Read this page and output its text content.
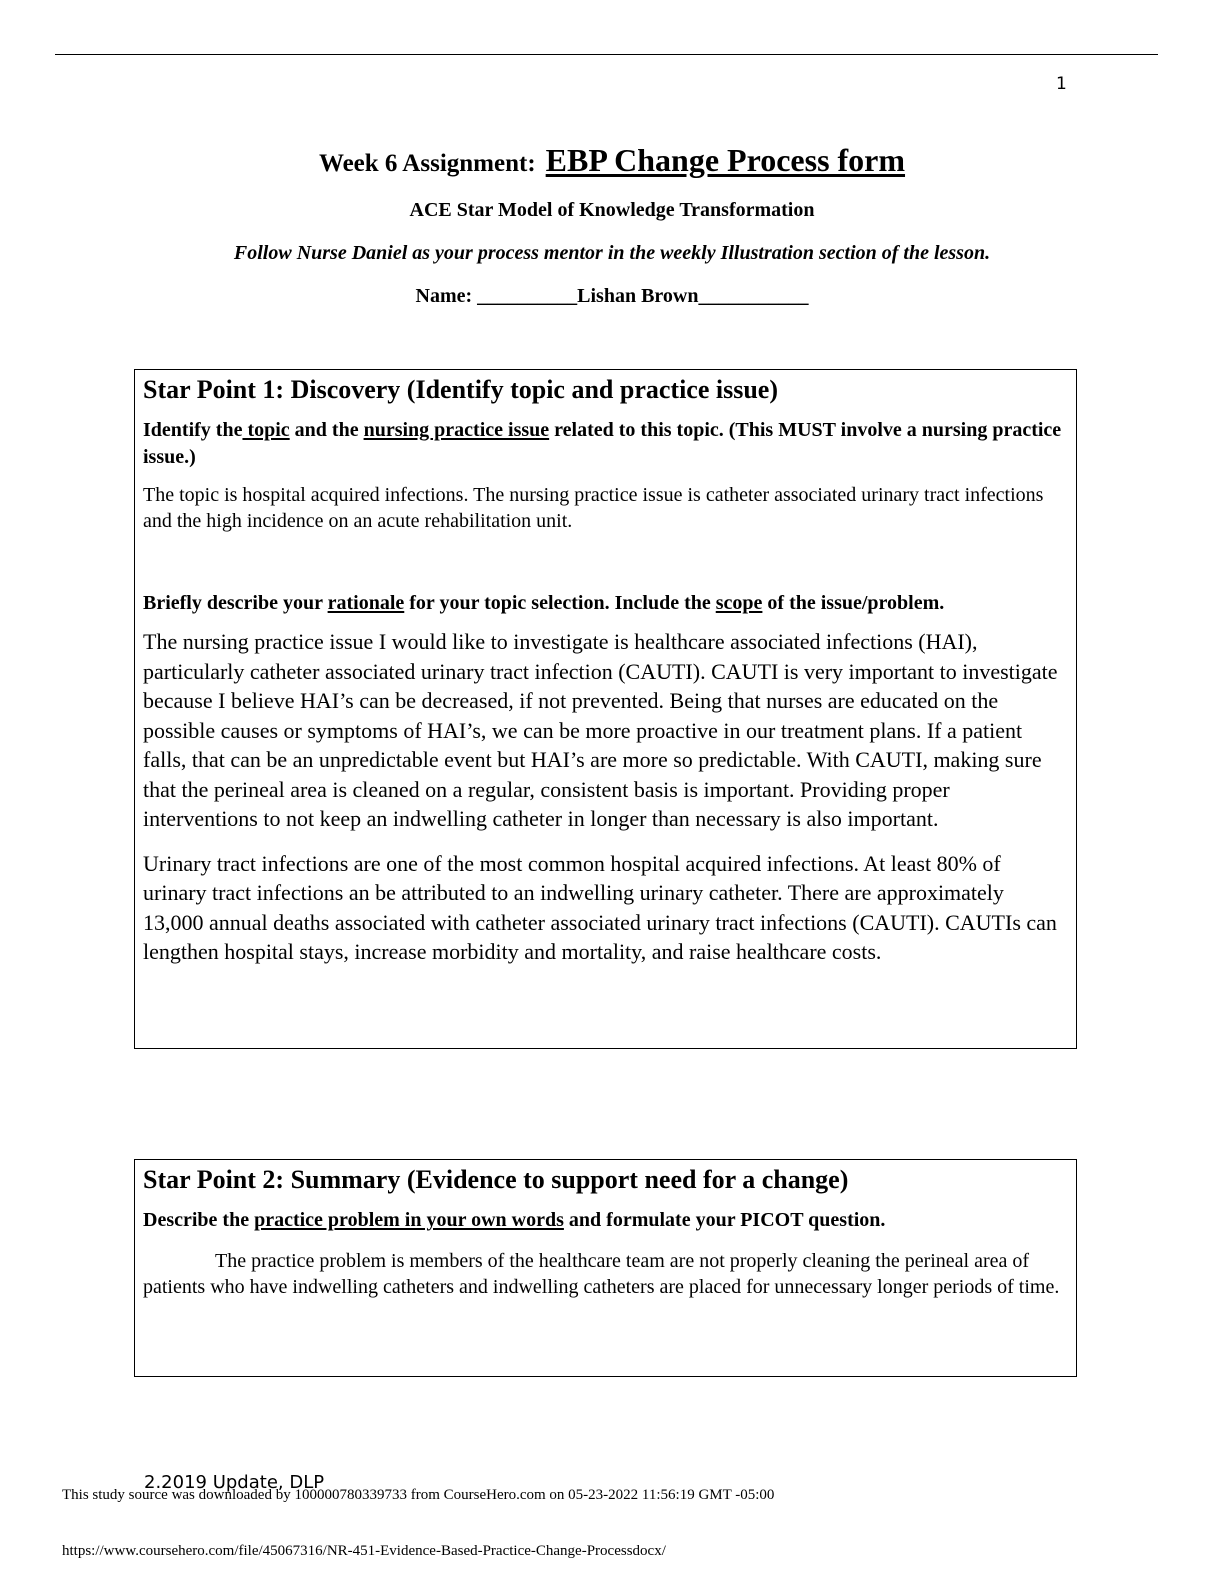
1
Week 6 Assignment: EBP Change Process form
ACE Star Model of Knowledge Transformation
Follow Nurse Daniel as your process mentor in the weekly Illustration section of the lesson.
Name: __________Lishan Brown___________
Star Point 1: Discovery (Identify topic and practice issue)
Identify the topic and the nursing practice issue related to this topic. (This MUST involve a nursing practice issue.)
The topic is hospital acquired infections. The nursing practice issue is catheter associated urinary tract infections and the high incidence on an acute rehabilitation unit.
Briefly describe your rationale for your topic selection. Include the scope of the issue/problem.
The nursing practice issue I would like to investigate is healthcare associated infections (HAI), particularly catheter associated urinary tract infection (CAUTI). CAUTI is very important to investigate because I believe HAI’s can be decreased, if not prevented. Being that nurses are educated on the possible causes or symptoms of HAI’s, we can be more proactive in our treatment plans. If a patient falls, that can be an unpredictable event but HAI’s are more so predictable. With CAUTI, making sure that the perineal area is cleaned on a regular, consistent basis is important. Providing proper interventions to not keep an indwelling catheter in longer than necessary is also important.
Urinary tract infections are one of the most common hospital acquired infections. At least 80% of urinary tract infections an be attributed to an indwelling urinary catheter. There are approximately 13,000 annual deaths associated with catheter associated urinary tract infections (CAUTI). CAUTIs can lengthen hospital stays, increase morbidity and mortality, and raise healthcare costs.
Star Point 2: Summary (Evidence to support need for a change)
Describe the practice problem in your own words and formulate your PICOT question.
The practice problem is members of the healthcare team are not properly cleaning the perineal area of patients who have indwelling catheters and indwelling catheters are placed for unnecessary longer periods of time.
2.2019 Update, DLP
This study source was downloaded by 100000780339733 from CourseHero.com on 05-23-2022 11:56:19 GMT -05:00
https://www.coursehero.com/file/45067316/NR-451-Evidence-Based-Practice-Change-Processdocx/
